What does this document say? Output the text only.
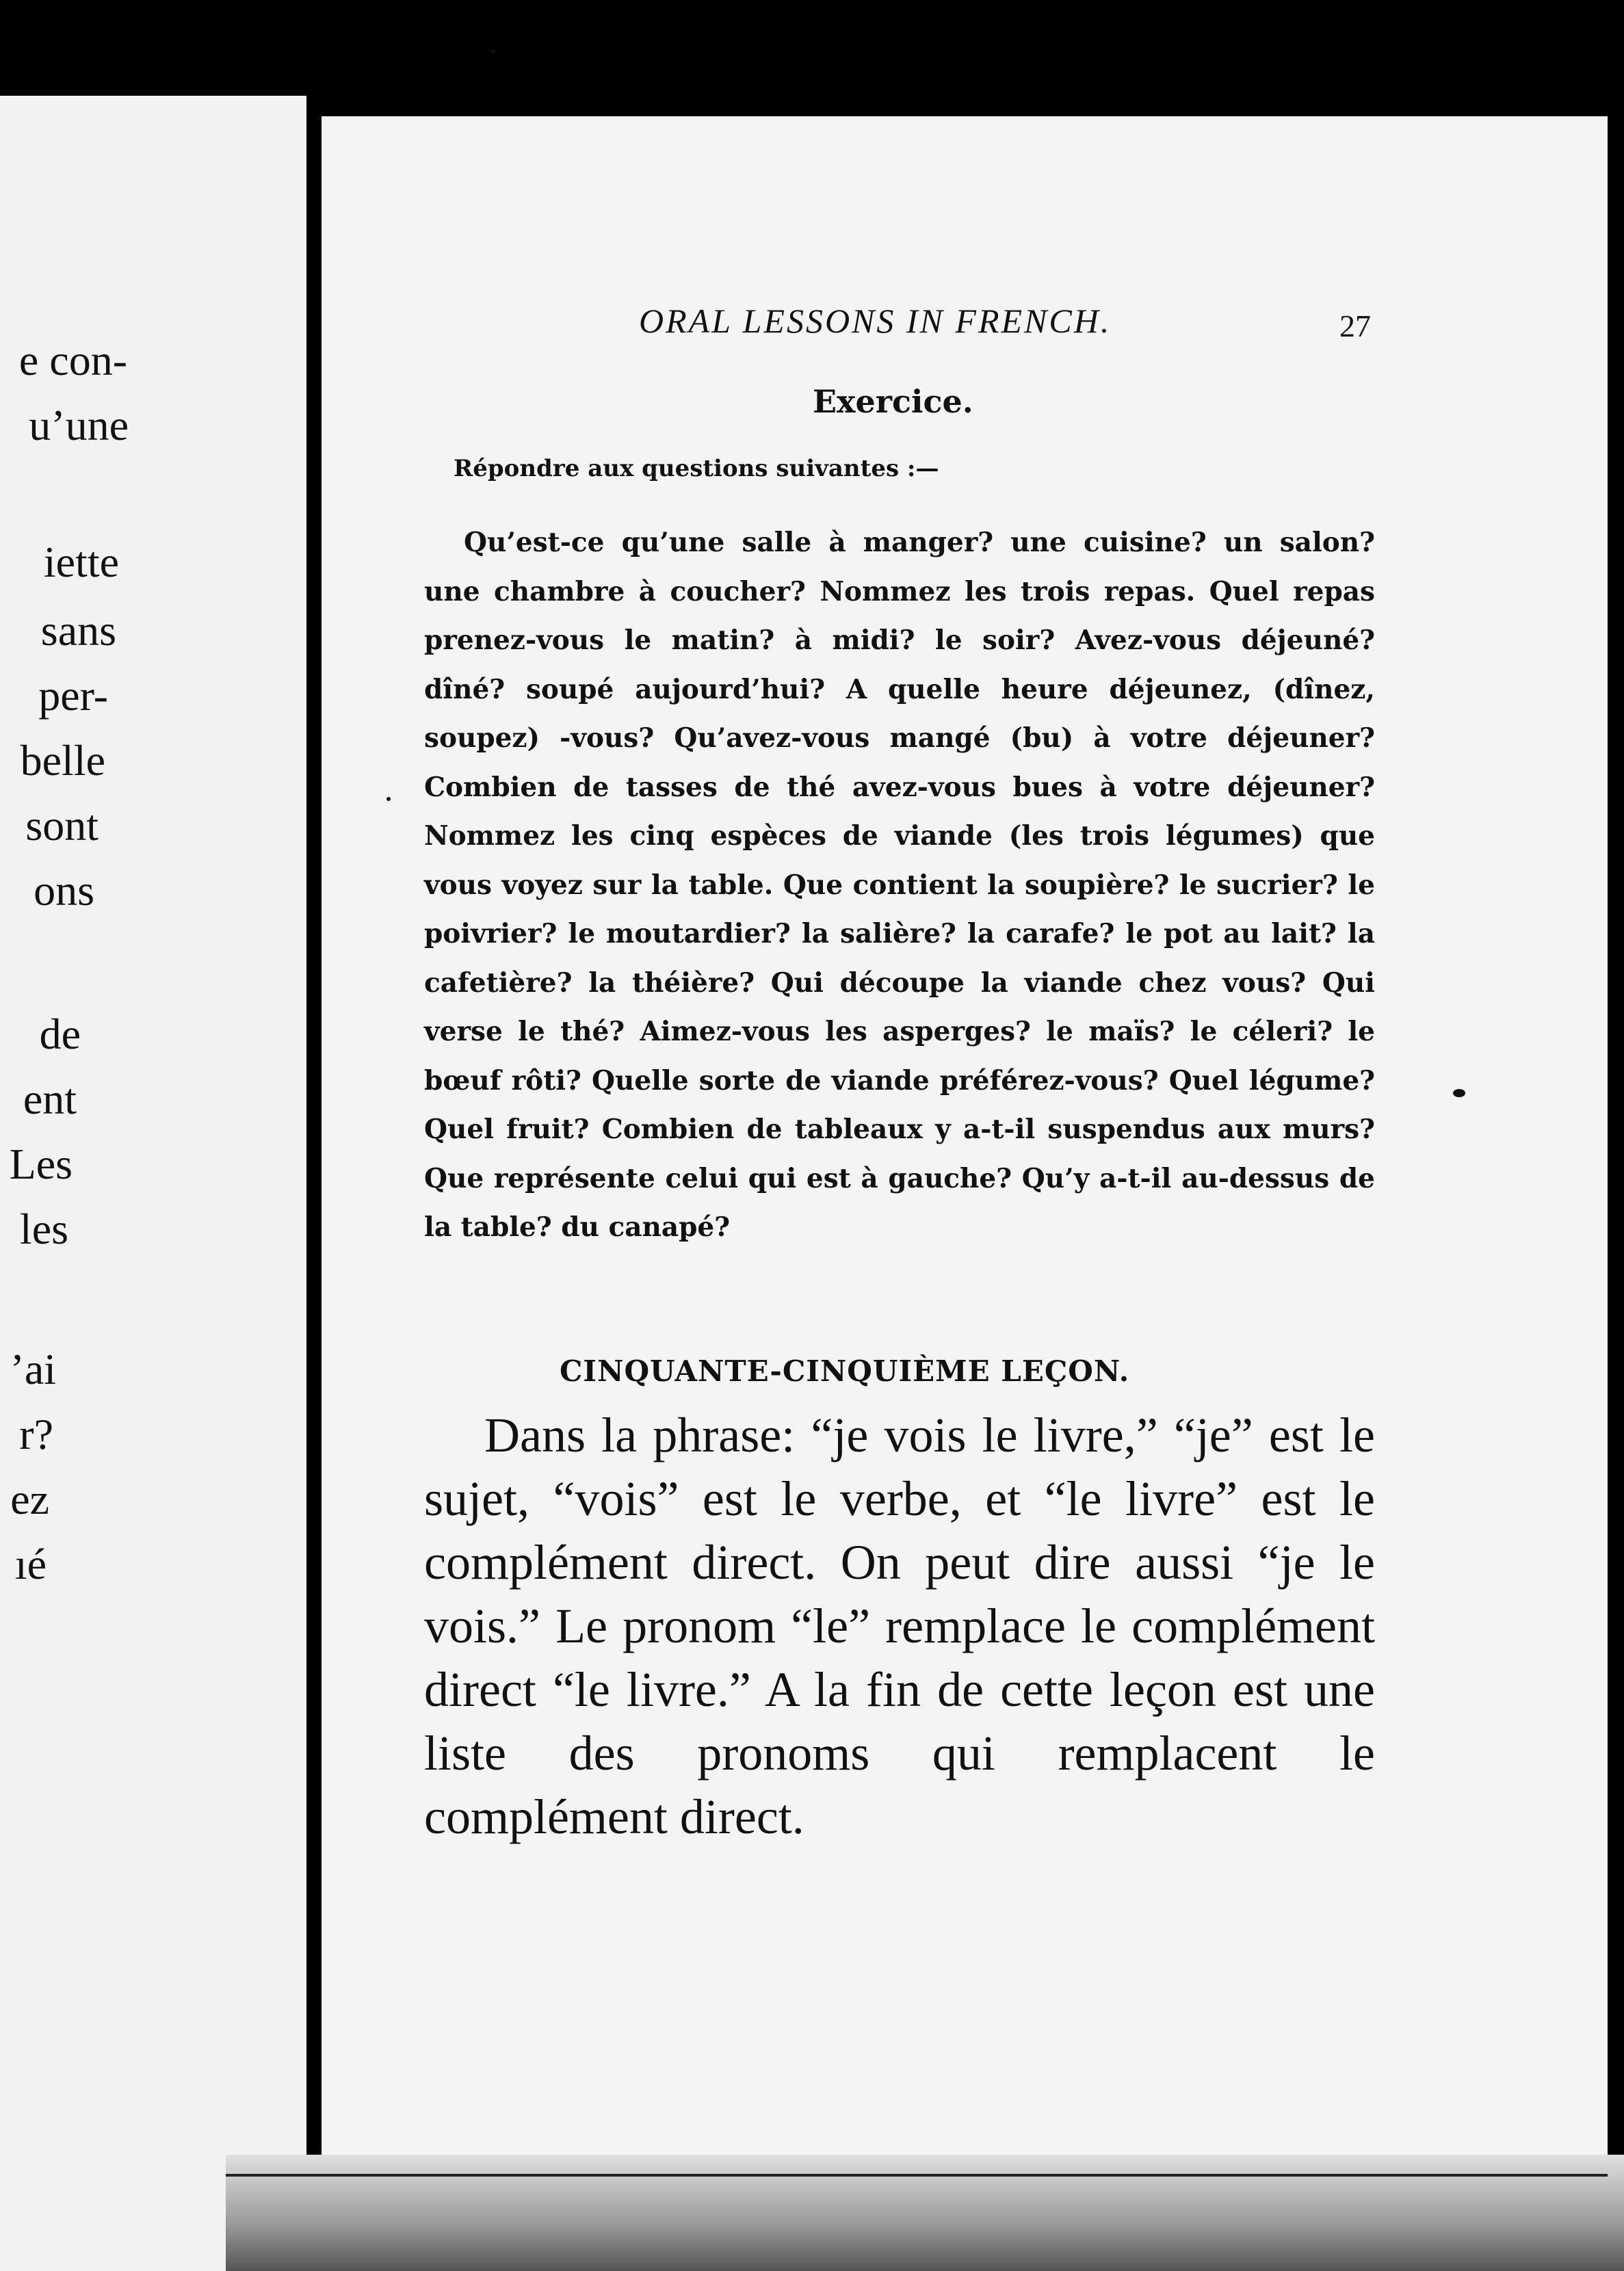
e con-
u’une
iette
sans
per-
belle
sont
ons
de
ent
Les
les
’ai
r?
ez
ıé
ORAL LESSONS IN FRENCH.	27
Exercice.
Répondre aux questions suivantes :—

Qu’est-ce qu’une salle à manger? une cuisine? un salon? une chambre à coucher? Nommez les trois repas. Quel repas prenez-vous le matin? à midi? le soir? Avez-vous déjeuné? dîné? soupé aujourd’hui? A quelle heure déjeunez, (dînez, soupez) -vous? Qu’avez-vous mangé (bu) à votre déjeuner? Combien de tasses de thé avez-vous bues à votre déjeuner? Nommez les cinq espèces de viande (les trois légumes) que vous voyez sur la table. Que contient la soupière? le sucrier? le poivrier? le moutardier? la salière? la carafe? le pot au lait? la cafetière? la théière? Qui découpe la viande chez vous? Qui verse le thé? Aimez-vous les asperges? le maïs? le céleri? le bœuf rôti? Quelle sorte de viande préférez-vous? Quel légume? Quel fruit? Combien de tableaux y a-t-il suspendus aux murs? Que représente celui qui est à gauche? Qu’y a-t-il au-dessus de la table? du canapé?

CINQUANTE-CINQUIÈME LEÇON.

Dans la phrase: “je vois le livre,” “je” est le sujet, “vois” est le verbe, et “le livre” est le complément direct. On peut dire aussi “je le vois.” Le pronom “le” remplace le complément direct “le livre.” A la fin de cette leçon est une liste des pronoms qui remplacent le complément direct.
